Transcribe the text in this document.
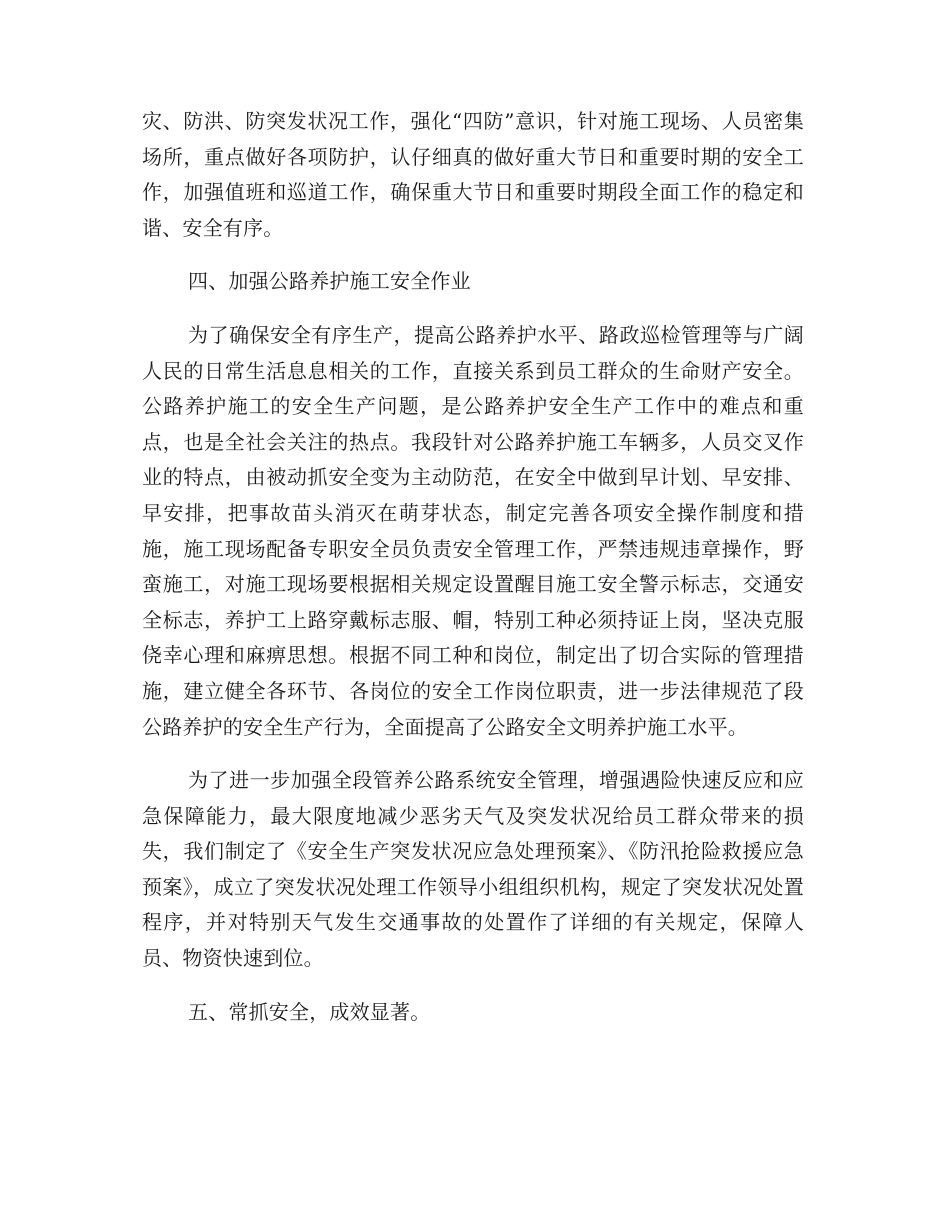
灾、防洪、防突发状况工作，强化“四防”意识，针对施工现场、人员密集场所，重点做好各项防护，认仔细真的做好重大节日和重要时期的安全工作，加强值班和巡道工作，确保重大节日和重要时期段全面工作的稳定和谐、安全有序。

四、加强公路养护施工安全作业

为了确保安全有序生产，提高公路养护水平、路政巡检管理等与广阔人民的日常生活息息相关的工作，直接关系到员工群众的生命财产安全。公路养护施工的安全生产问题，是公路养护安全生产工作中的难点和重点，也是全社会关注的热点。我段针对公路养护施工车辆多，人员交叉作业的特点，由被动抓安全变为主动防范，在安全中做到早计划、早安排、早安排，把事故苗头消灭在萌芽状态，制定完善各项安全操作制度和措施，施工现场配备专职安全员负责安全管理工作，严禁违规违章操作，野蛮施工，对施工现场要根据相关规定设置醒目施工安全警示标志，交通安全标志，养护工上路穿戴标志服、帽，特别工种必须持证上岗，坚决克服侥幸心理和麻痹思想。根据不同工种和岗位，制定出了切合实际的管理措施，建立健全各环节、各岗位的安全工作岗位职责，进一步法律规范了段公路养护的安全生产行为，全面提高了公路安全文明养护施工水平。

为了进一步加强全段管养公路系统安全管理，增强遇险快速反应和应急保障能力，最大限度地减少恶劣天气及突发状况给员工群众带来的损失，我们制定了《安全生产突发状况应急处理预案》、《防汛抢险救援应急预案》，成立了突发状况处理工作领导小组组织机构，规定了突发状况处置程序，并对特别天气发生交通事故的处置作了详细的有关规定，保障人员、物资快速到位。

五、常抓安全，成效显著。
